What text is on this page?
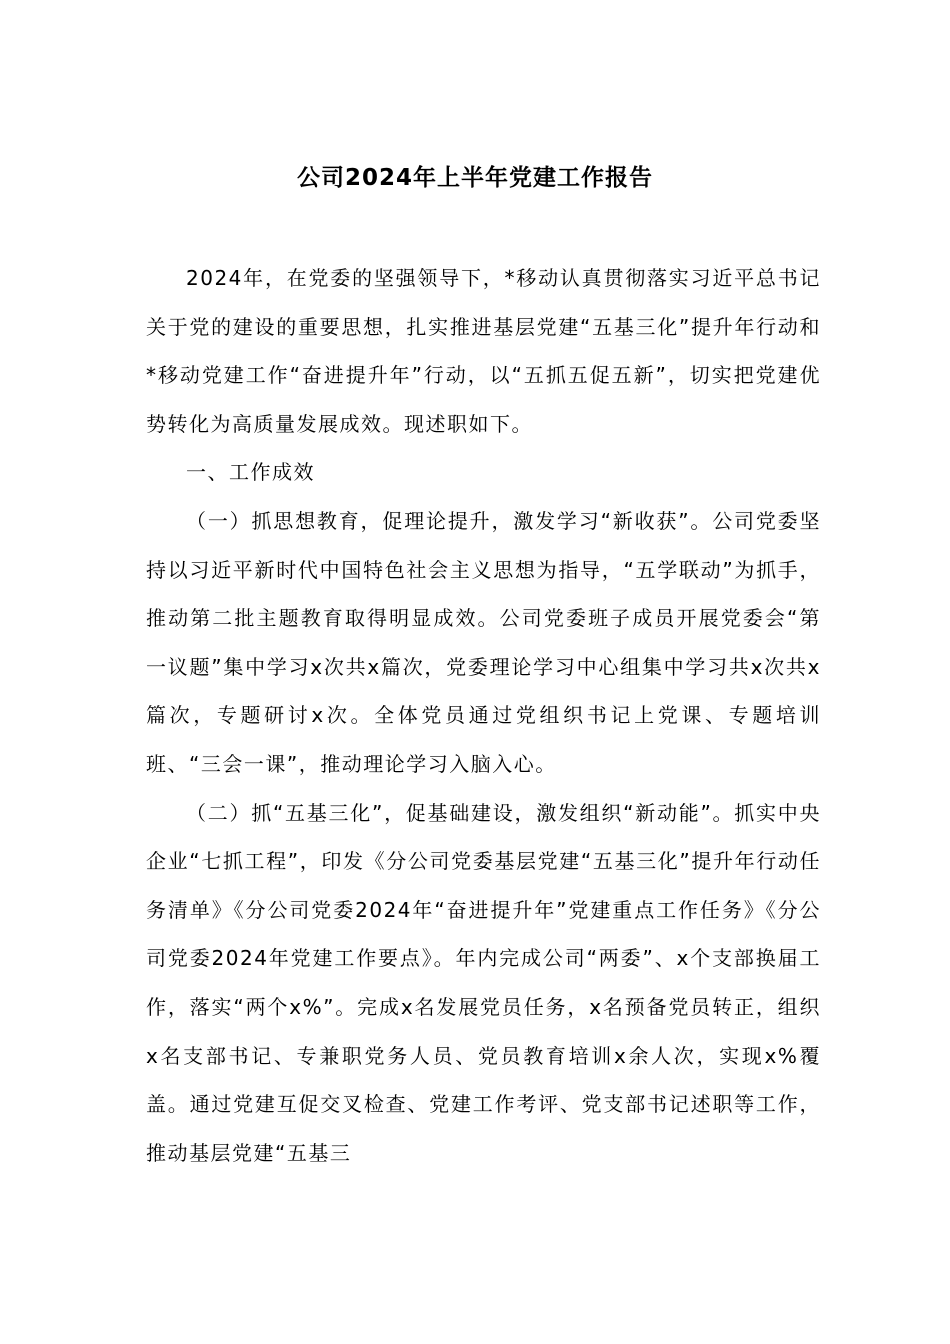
公司2024年上半年党建工作报告

2024年，在党委的坚强领导下，*移动认真贯彻落实习近平总书记关于党的建设的重要思想，扎实推进基层党建“五基三化”提升年行动和*移动党建工作“奋进提升年”行动，以“五抓五促五新”，切实把党建优势转化为高质量发展成效。现述职如下。

一、工作成效

（一）抓思想教育，促理论提升，激发学习“新收获”。公司党委坚持以习近平新时代中国特色社会主义思想为指导，“五学联动”为抓手，推动第二批主题教育取得明显成效。公司党委班子成员开展党委会“第一议题”集中学习x次共x篇次，党委理论学习中心组集中学习共x次共x篇次，专题研讨x次。全体党员通过党组织书记上党课、专题培训班、“三会一课”，推动理论学习入脑入心。

（二）抓“五基三化”，促基础建设，激发组织“新动能”。抓实中央企业“七抓工程”，印发《分公司党委基层党建“五基三化”提升年行动任务清单》《分公司党委2024年“奋进提升年”党建重点工作任务》《分公司党委2024年党建工作要点》。年内完成公司“两委”、x个支部换届工作，落实“两个x%”。完成x名发展党员任务，x名预备党员转正，组织x名支部书记、专兼职党务人员、党员教育培训x余人次，实现x%覆盖。通过党建互促交叉检查、党建工作考评、党支部书记述职等工作，推动基层党建“五基三
